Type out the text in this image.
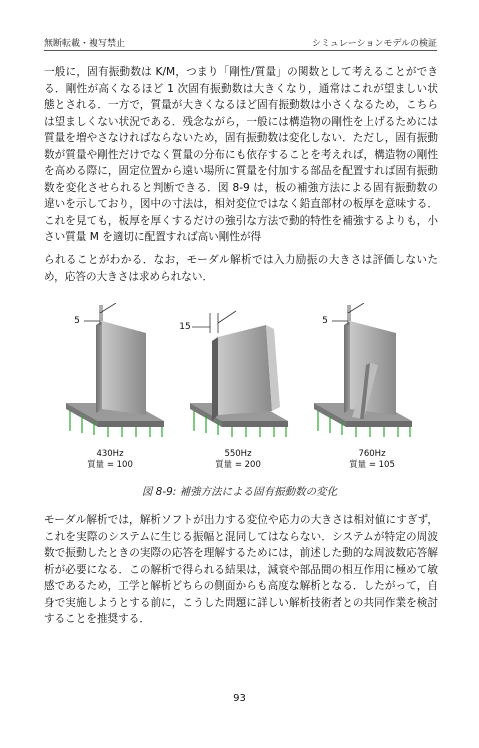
無断転載・複写禁止	シミュレーションモデルの検証

一般に，固有振動数は K/M，つまり「剛性/質量」の関数として考えることができる．剛性が高くなるほど 1 次固有振動数は大きくなり，通常はこれが望ましい状態とされる．一方で，質量が大きくなるほど固有振動数は小さくなるため，こちらは望ましくない状況である．残念ながら，一般には構造物の剛性を上げるためには質量を増やさなければならないため，固有振動数は変化しない．ただし，固有振動数が質量や剛性だけでなく質量の分布にも依存することを考えれば，構造物の剛性を高める際に，固定位置から遠い場所に質量を付加する部品を配置すれば固有振動数を変化させられると判断できる．図 8-9 は，板の補強方法による固有振動数の違いを示しており，図中の寸法は，相対変位ではなく鉛直部材の板厚を意味する．これを見ても，板厚を厚くするだけの強引な方法で動的特性を補強するよりも，小さい質量 M を適切に配置すれば高い剛性が得

られることがわかる．なお，モーダル解析では入力励振の大きさは評価しないため，応答の大きさは求められない．

5
15
5
430Hz
質量 = 100
550Hz
質量 = 200
760Hz
質量 = 105
図 8-9: 補強方法による固有振動数の変化

モーダル解析では，解析ソフトが出力する変位や応力の大きさは相対値にすぎず，これを実際のシステムに生じる振幅と混同してはならない．システムが特定の周波数で振動したときの実際の応答を理解するためには，前述した動的な周波数応答解析が必要になる．この解析で得られる結果は，減衰や部品間の相互作用に極めて敏感であるため，工学と解析どちらの側面からも高度な解析となる．したがって，自身で実施しようとする前に，こうした問題に詳しい解析技術者との共同作業を検討することを推奨する．

93
